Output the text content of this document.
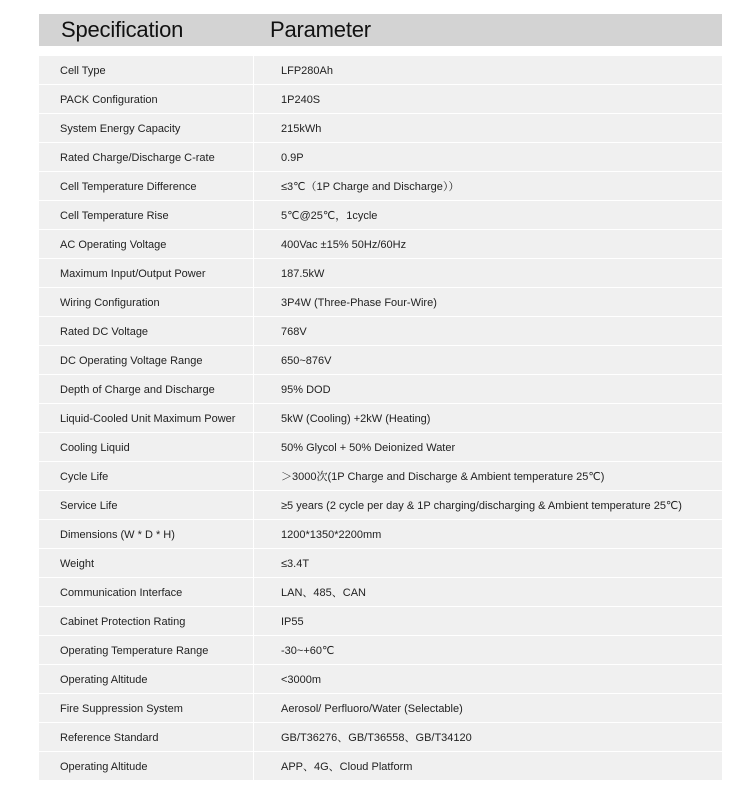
Specification	Parameter
Cell Type	LFP280Ah
PACK Configuration	1P240S
System Energy Capacity	215kWh
Rated Charge/Discharge C-rate	0.9P
Cell Temperature Difference	≤3℃（1P Charge and Discharge））
Cell Temperature Rise	5℃@25℃，1cycle
AC Operating Voltage	400Vac ±15% 50Hz/60Hz
Maximum Input/Output Power	187.5kW
Wiring Configuration	3P4W (Three-Phase Four-Wire)
Rated DC Voltage	768V
DC Operating Voltage Range	650~876V
Depth of Charge and Discharge	95% DOD
Liquid-Cooled Unit Maximum Power	5kW (Cooling) +2kW (Heating)
Cooling Liquid	50% Glycol + 50% Deionized Water
Cycle Life	＞3000次(1P Charge and Discharge & Ambient temperature 25℃)
Service Life	≥5 years (2 cycle per day & 1P charging/discharging & Ambient temperature 25℃)
Dimensions (W * D * H)	1200*1350*2200mm
Weight	≤3.4T
Communication Interface	LAN、485、CAN
Cabinet Protection Rating	IP55
Operating Temperature Range	-30~+60℃
Operating Altitude	<3000m
Fire Suppression System	Aerosol/ Perfluoro/Water (Selectable)
Reference Standard	GB/T36276、GB/T36558、GB/T34120
Operating Altitude	APP、4G、Cloud Platform
